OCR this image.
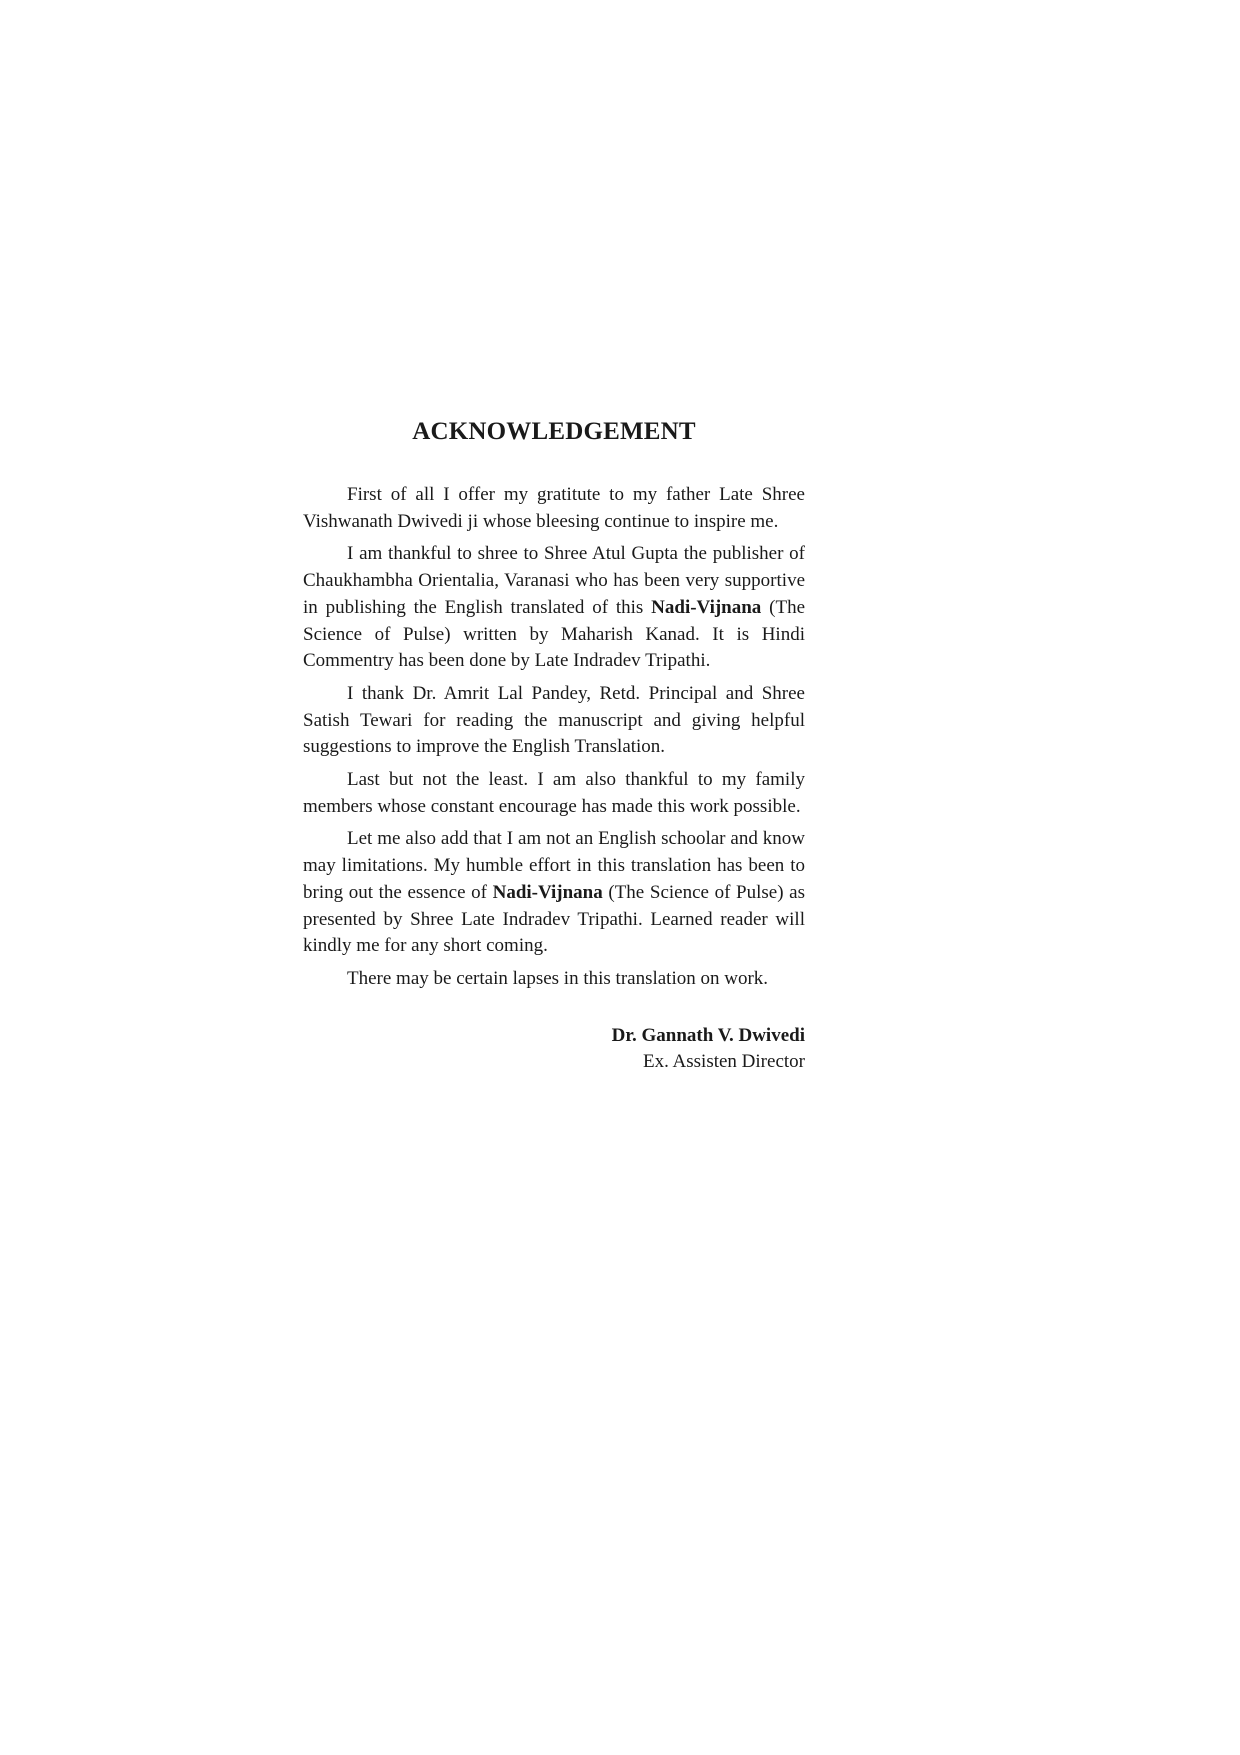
ACKNOWLEDGEMENT

First of all I offer my gratitute to my father Late Shree Vishwanath Dwivedi ji whose bleesing continue to inspire me.

I am thankful to shree to Shree Atul Gupta the publisher of Chaukhambha Orientalia, Varanasi who has been very supportive in publishing the English translated of this Nadi-Vijnana (The Science of Pulse) written by Maharish Kanad. It is Hindi Commentry has been done by Late Indradev Tripathi.

I thank Dr. Amrit Lal Pandey, Retd. Principal and Shree Satish Tewari for reading the manuscript and giving helpful suggestions to improve the English Translation.

Last but not the least. I am also thankful to my family members whose constant encourage has made this work possible.

Let me also add that I am not an English schoolar and know may limitations. My humble effort in this translation has been to bring out the essence of Nadi-Vijnana (The Science of Pulse) as presented by Shree Late Indradev Tripathi. Learned reader will kindly me for any short coming.

There may be certain lapses in this translation on work.

Dr. Gannath V. Dwivedi
Ex. Assisten Director
